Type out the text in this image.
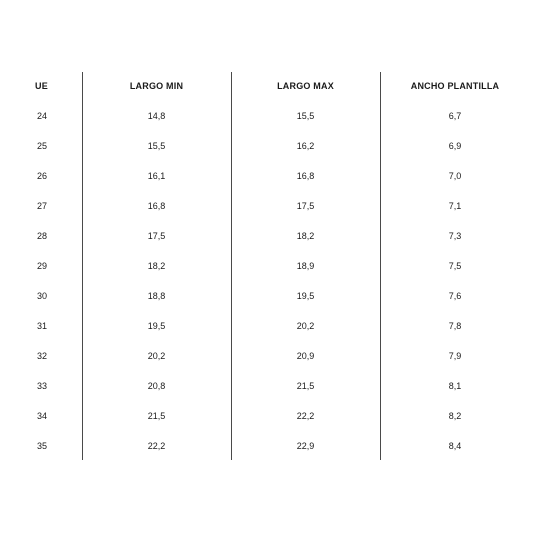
UE
24
25
26
27
28
29
30
31
32
33
34
35
LARGO MIN
14,8
15,5
16,1
16,8
17,5
18,2
18,8
19,5
20,2
20,8
21,5
22,2
LARGO MAX
15,5
16,2
16,8
17,5
18,2
18,9
19,5
20,2
20,9
21,5
22,2
22,9
ANCHO PLANTILLA
6,7
6,9
7,0
7,1
7,3
7,5
7,6
7,8
7,9
8,1
8,2
8,4
